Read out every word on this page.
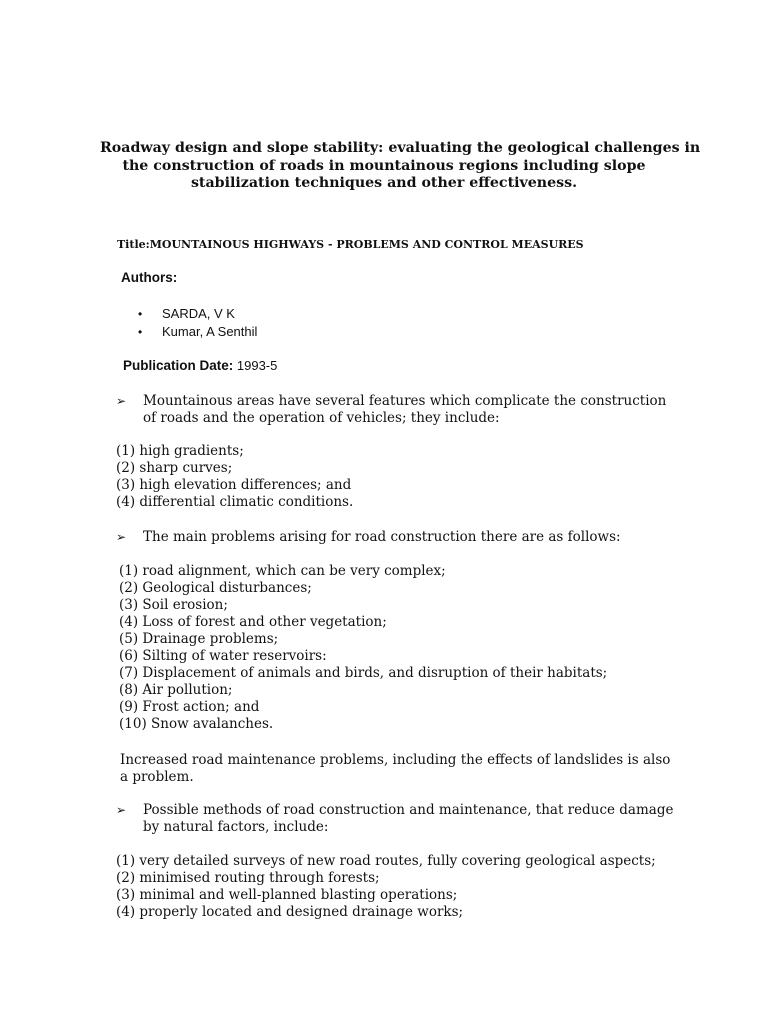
Roadway design and slope stability: evaluating the geological challenges in
the construction of roads in mountainous regions including slope
stabilization techniques and other effectiveness.
Title:MOUNTAINOUS HIGHWAYS - PROBLEMS AND CONTROL MEASURES
Authors:
• SARDA, V K
• Kumar, A Senthil
Publication Date: 1993-5
➢ Mountainous areas have several features which complicate the construction
of roads and the operation of vehicles; they include:
(1) high gradients;
(2) sharp curves;
(3) high elevation differences; and
(4) differential climatic conditions.
➢ The main problems arising for road construction there are as follows:
(1) road alignment, which can be very complex;
(2) Geological disturbances;
(3) Soil erosion;
(4) Loss of forest and other vegetation;
(5) Drainage problems;
(6) Silting of water reservoirs:
(7) Displacement of animals and birds, and disruption of their habitats;
(8) Air pollution;
(9) Frost action; and
(10) Snow avalanches.
Increased road maintenance problems, including the effects of landslides is also
a problem.
➢ Possible methods of road construction and maintenance, that reduce damage
by natural factors, include:
(1) very detailed surveys of new road routes, fully covering geological aspects;
(2) minimised routing through forests;
(3) minimal and well-planned blasting operations;
(4) properly located and designed drainage works;
